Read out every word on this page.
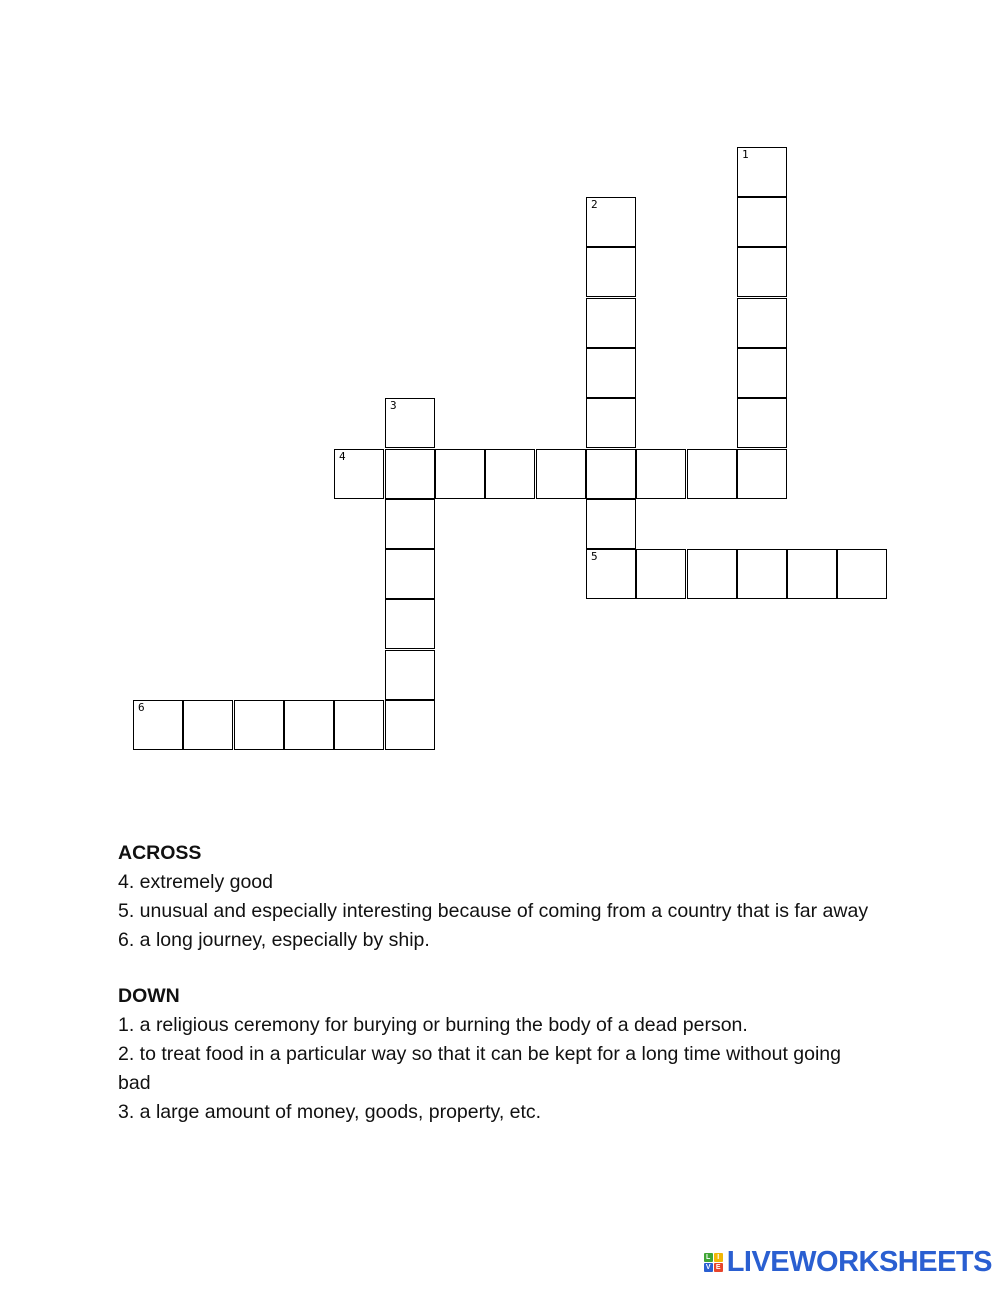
1
2
3
4
5
6

ACROSS

4. extremely good

5. unusual and especially interesting because of coming from a country that is far away

6. a long journey, especially by ship.

DOWN

1. a religious ceremony for burying or burning the body of a dead person.

2. to treat food in a particular way so that it can be kept for a long time without going bad

3. a large amount of money, goods, property, etc.

L I
V E LIVEWORKSHEETS
